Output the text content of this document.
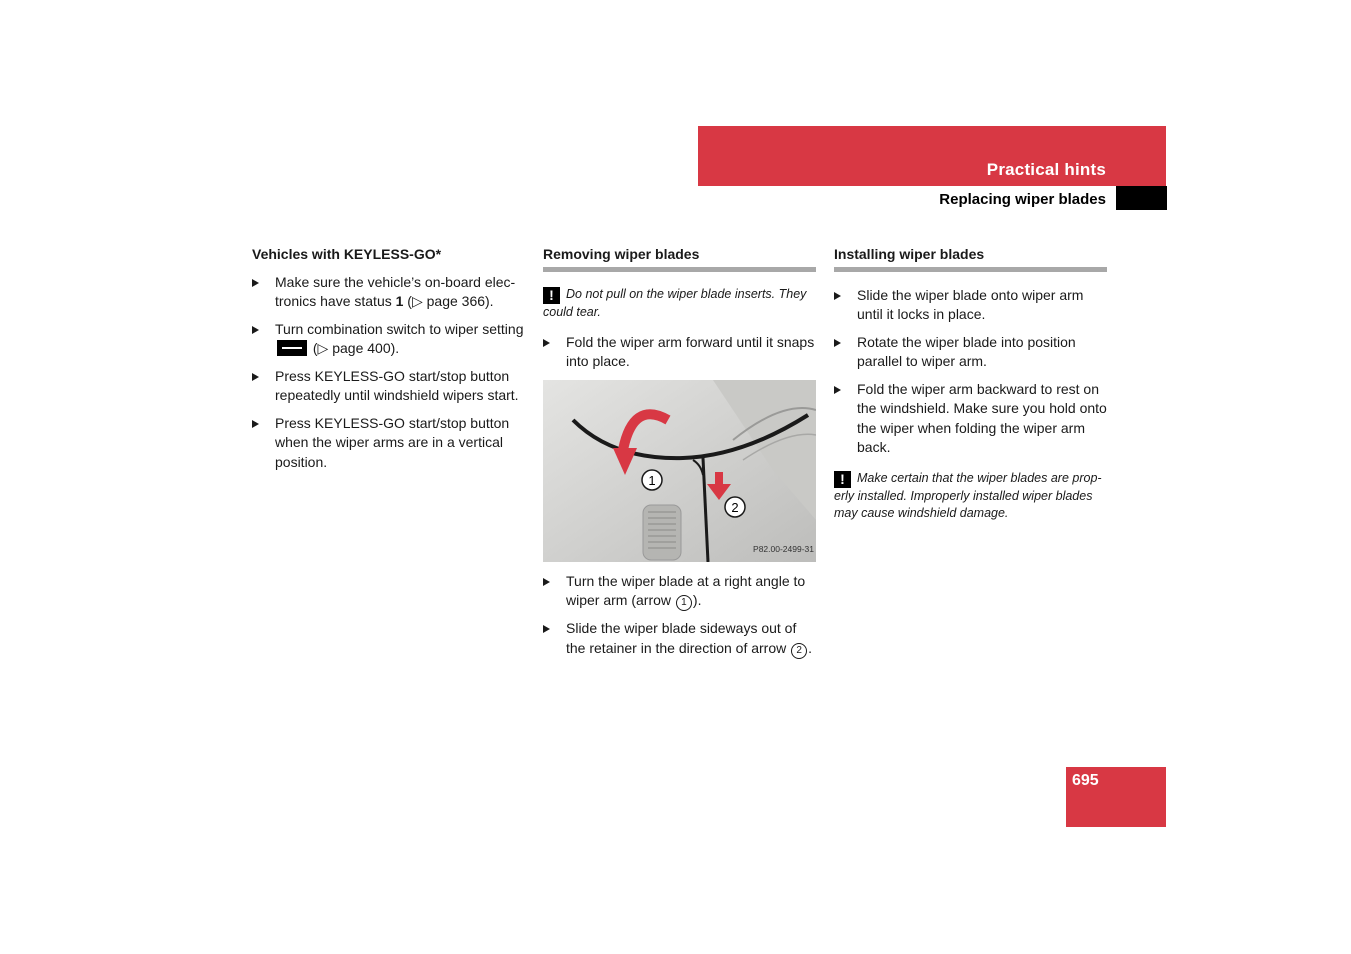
Practical hints
Replacing wiper blades
Vehicles with KEYLESS-GO*
Make sure the vehicle’s on-board elec- tronics have status 1 (▷ page 366).
Turn combination switch to wiper setting  (▷ page 400).
Press KEYLESS-GO start/stop button repeatedly until windshield wipers start.
Press KEYLESS-GO start/stop button when the wiper arms are in a vertical position.
Removing wiper blades

! Do not pull on the wiper blade inserts. They could tear.

Fold the wiper arm forward until it snaps into place.
1
2
P82.00-2499-31
Turn the wiper blade at a right angle to wiper arm (arrow 1 ).
Slide the wiper blade sideways out of the retainer in the direction of arrow 2 .
Installing wiper blades
Slide the wiper blade onto wiper arm until it locks in place.
Rotate the wiper blade into position parallel to wiper arm.
Fold the wiper arm backward to rest on the windshield. Make sure you hold onto the wiper when folding the wiper arm back.

! Make certain that the wiper blades are prop- erly installed. Improperly installed wiper blades may cause windshield damage.

695
